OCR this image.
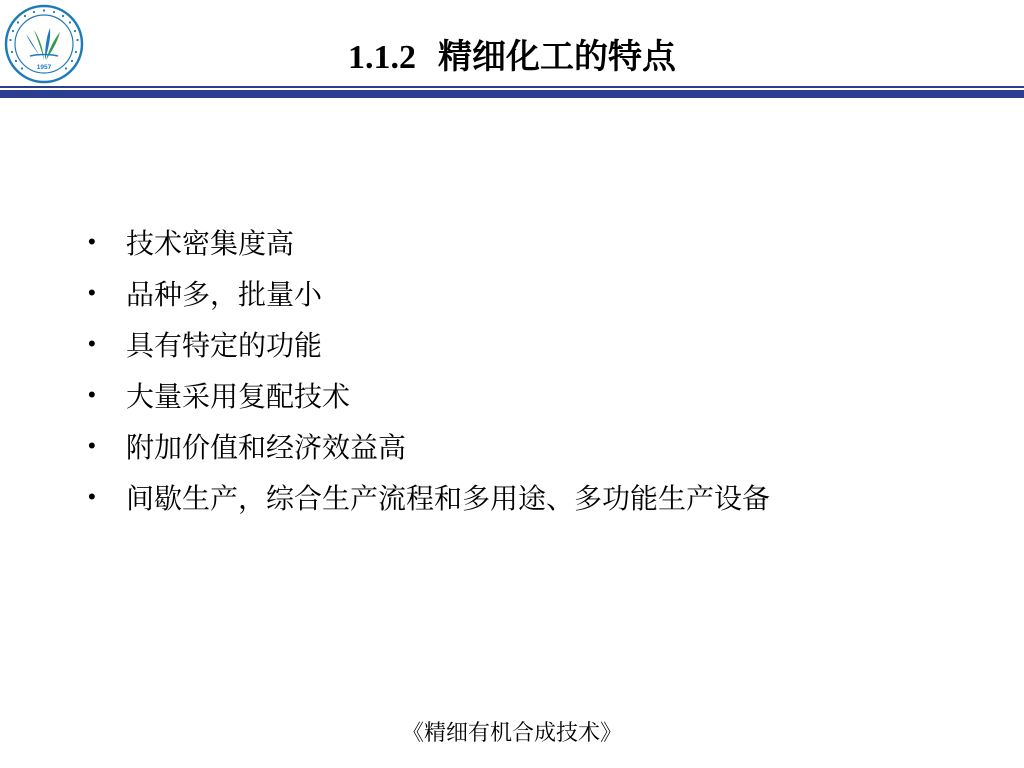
1957	1.1.2 精细化工的特点
•	技术密集度高
•	品种多，批量小
•	具有特定的功能
•	大量采用复配技术
•	附加价值和经济效益高
•	间歇生产，综合生产流程和多用途、多功能生产设备
《精细有机合成技术》
